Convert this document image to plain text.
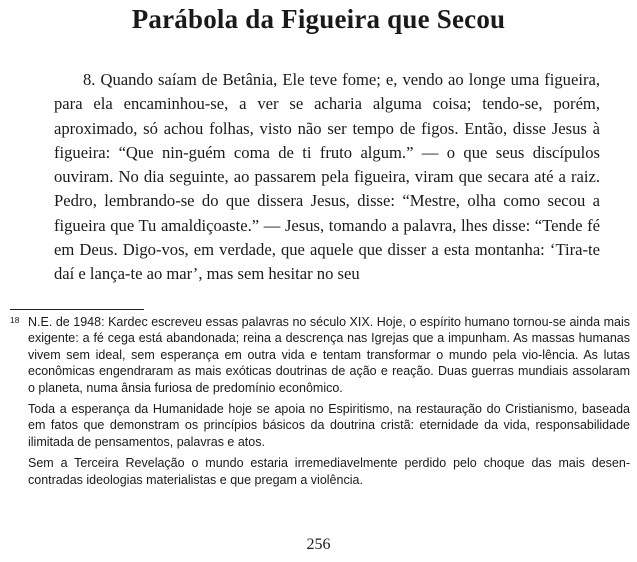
Parábola da Figueira que Secou

8. Quando saíam de Betânia, Ele teve fome; e, vendo ao longe uma figueira, para ela encaminhou-se, a ver se acharia alguma coisa; tendo-se, porém, aproximado, só achou folhas, visto não ser tempo de figos. Então, disse Jesus à figueira: “Que nin-guém coma de ti fruto algum.” — o que seus discípulos ouviram. No dia seguinte, ao passarem pela figueira, viram que secara até a raiz. Pedro, lembrando-se do que dissera Jesus, disse: “Mestre, olha como secou a figueira que Tu amaldiçoaste.” — Jesus, tomando a palavra, lhes disse: “Tende fé em Deus. Digo-vos, em verdade, que aquele que disser a esta montanha: ‘Tira-te daí e lança-te ao mar’, mas sem hesitar no seu

18 N.E. de 1948: Kardec escreveu essas palavras no século XIX. Hoje, o espírito humano tornou-se ainda mais exigente: a fé cega está abandonada; reina a descrença nas Igrejas que a impunham. As massas humanas vivem sem ideal, sem esperança em outra vida e tentam transformar o mundo pela vio-lência. As lutas econômicas engendraram as mais exóticas doutrinas de ação e reação. Duas guerras mundiais assolaram o planeta, numa ânsia furiosa de predomínio econômico.

Toda a esperança da Humanidade hoje se apoia no Espiritismo, na restauração do Cristianismo, baseada em fatos que demonstram os princípios básicos da doutrina cristã: eternidade da vida, responsabilidade ilimitada de pensamentos, palavras e atos.

Sem a Terceira Revelação o mundo estaria irremediavelmente perdido pelo choque das mais desen-contradas ideologias materialistas e que pregam a violência.

256
